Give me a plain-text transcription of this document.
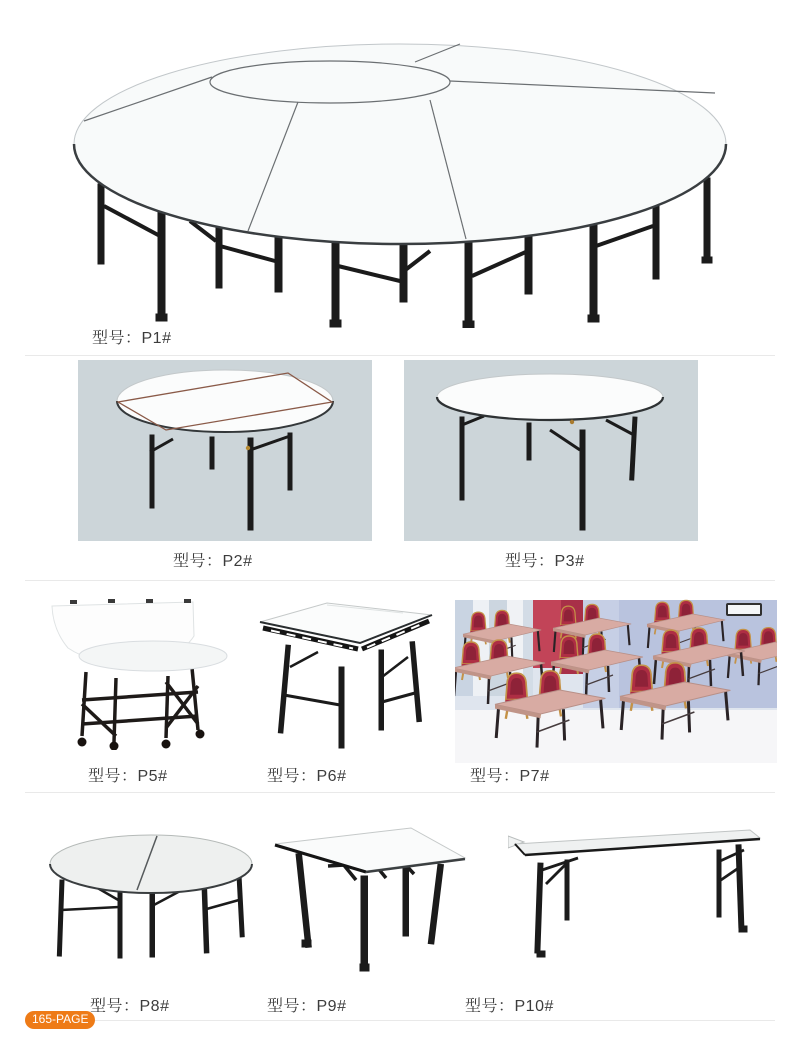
型号：P1#
型号：P2#	型号：P3#
型号：P5#	型号：P6#	型号：P7#
型号：P8#	型号：P9#	型号：P10#
165-PAGE
